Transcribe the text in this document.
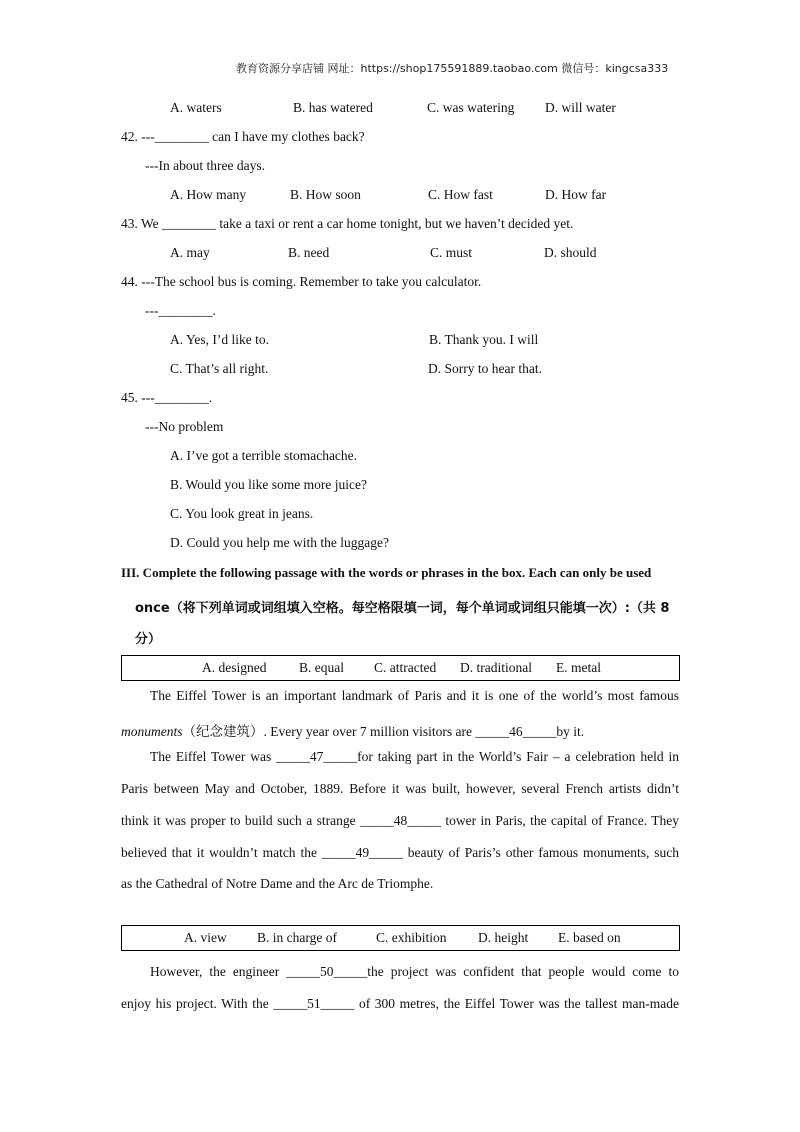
教育资源分享店铺 网址：https://shop175591889.taobao.com 微信号：kingcsa333
A. waters	B. has watered	C. was watering D. will water
42. ---________ can I have my clothes back?
---In about three days.
A. How many	B. How soon	C. How fast	D. How far
43. We ________ take a taxi or rent a car home tonight, but we haven’t decided yet.
A. may	B. need	C. must	D. should
44. ---The school bus is coming. Remember to take you calculator.
---________.
A. Yes, I’d like to.	B. Thank you. I will
C. That’s all right.	D. Sorry to hear that.
45. ---________.
---No problem
A. I’ve got a terrible stomachache.
B. Would you like some more juice?
C. You look great in jeans.
D. Could you help me with the luggage?
III. Complete the following passage with the words or phrases in the box. Each can only be used
once（将下列单词或词组填入空格。每空格限填一词，每个单词或词组只能填一次）:（共 8
分）
A. designed B. equal C. attracted D. traditional E. metal
The Eiffel Tower is an important landmark of Paris and it is one of the world’s most famous
monuments（纪念建筑）. Every year over 7 million visitors are _____46_____by it.
The Eiffel Tower was _____47_____for taking part in the World’s Fair – a celebration held in
Paris between May and October, 1889. Before it was built, however, several French artists didn’t
think it was proper to build such a strange _____48_____ tower in Paris, the capital of France. They
believed that it wouldn’t match the _____49_____ beauty of Paris’s other famous monuments, such
as the Cathedral of Notre Dame and the Arc de Triomphe.
A. view B. in charge of	C. exhibition D. height E. based on
However, the engineer _____50_____the project was confident that people would come to
enjoy his project. With the _____51_____ of 300 metres, the Eiffel Tower was the tallest man-made
